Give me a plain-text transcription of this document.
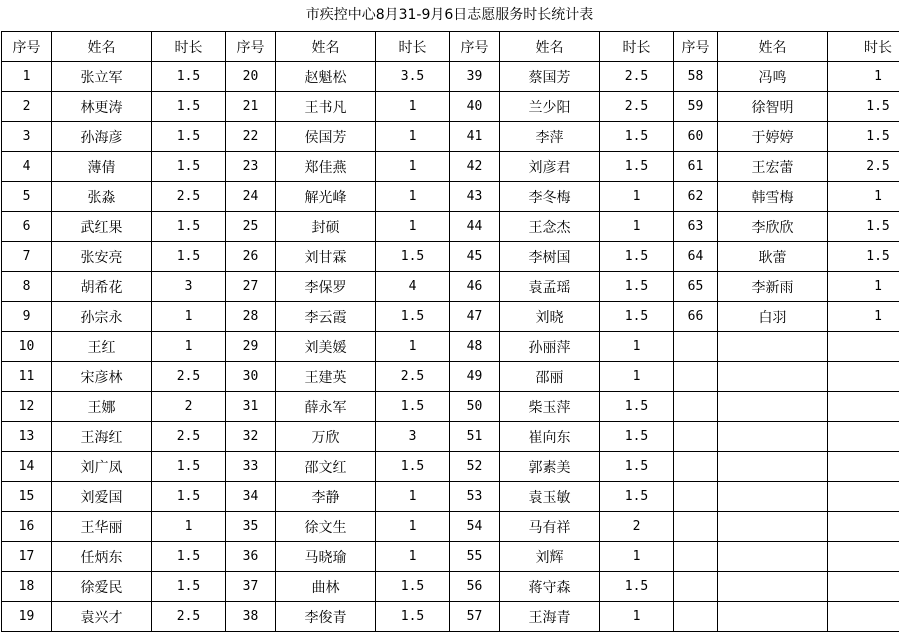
市疾控中心8月31-9月6日志愿服务时长统计表
序号	姓名	时长	序号	姓名	时长	序号	姓名	时长	序号	姓名	时长
1	张立军	1.5	20	赵魁松	3.5	39	蔡国芳	2.5	58	冯鸣	1
2	林更涛	1.5	21	王书凡	1	40	兰少阳	2.5	59	徐智明	1.5
3	孙海彦	1.5	22	侯国芳	1	41	李萍	1.5	60	于婷婷	1.5
4	薄倩	1.5	23	郑佳燕	1	42	刘彦君	1.5	61	王宏蕾	2.5
5	张淼	2.5	24	解光峰	1	43	李冬梅	1	62	韩雪梅	1
6	武红果	1.5	25	封硕	1	44	王念杰	1	63	李欣欣	1.5
7	张安亮	1.5	26	刘甘霖	1.5	45	李树国	1.5	64	耿蕾	1.5
8	胡希花	3	27	李保罗	4	46	袁孟瑶	1.5	65	李新雨	1
9	孙宗永	1	28	李云霞	1.5	47	刘晓	1.5	66	白羽	1
10	王红	1	29	刘美媛	1	48	孙丽萍	1			
11	宋彦林	2.5	30	王建英	2.5	49	邵丽	1			
12	王娜	2	31	薛永军	1.5	50	柴玉萍	1.5			
13	王海红	2.5	32	万欣	3	51	崔向东	1.5			
14	刘广凤	1.5	33	邵文红	1.5	52	郭素美	1.5			
15	刘爱国	1.5	34	李静	1	53	袁玉敏	1.5			
16	王华丽	1	35	徐文生	1	54	马有祥	2			
17	任炳东	1.5	36	马晓瑜	1	55	刘辉	1			
18	徐爱民	1.5	37	曲林	1.5	56	蒋守森	1.5			
19	袁兴才	2.5	38	李俊青	1.5	57	王海青	1			
